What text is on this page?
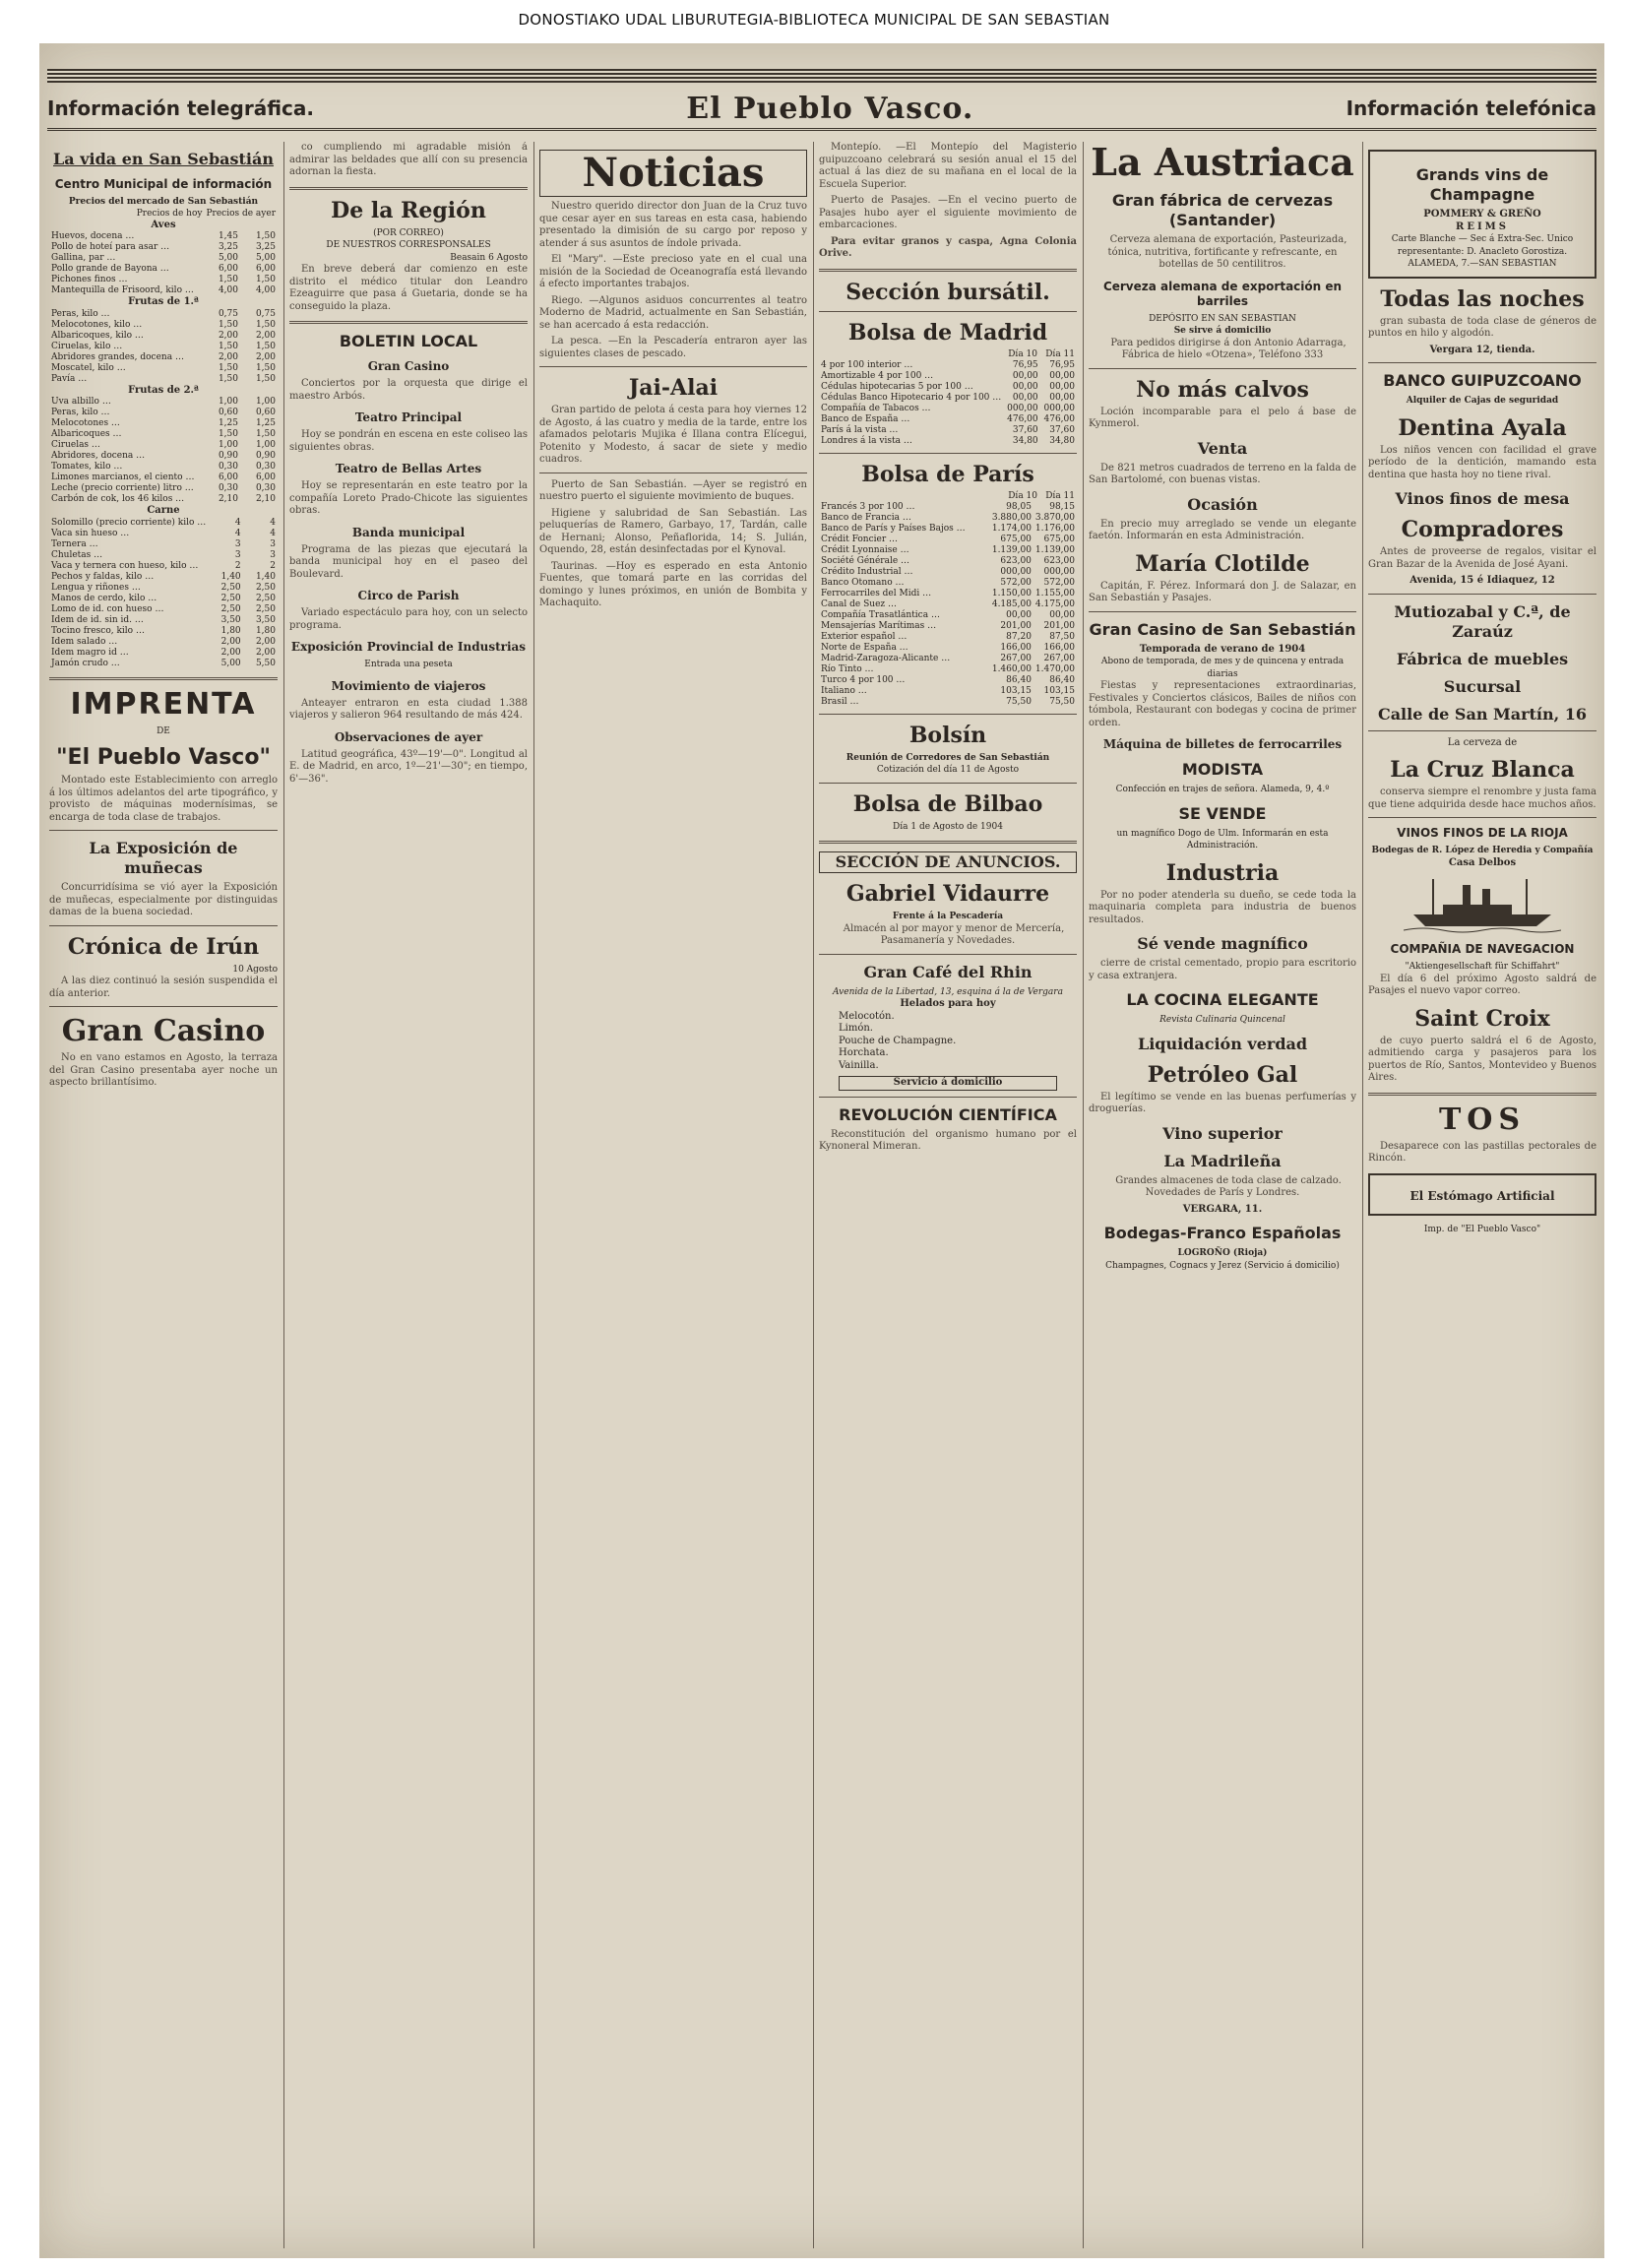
DONOSTIAKO UDAL LIBURUTEGIA-BIBLIOTECA MUNICIPAL DE SAN SEBASTIAN
Información telegráfica.	El Pueblo Vasco.	Información telefónica
La vida en San Sebastián
Centro Municipal de información
Precios del mercado de San Sebastián
	Precios de hoy	Precios de ayer
Aves
Huevos, docena …	1,45	1,50
Pollo de hoteí para asar …	3,25	3,25
Gallina, par …	5,00	5,00
Pollo grande de Bayona …	6,00	6,00
Pichones finos …	1,50	1,50
Mantequilla de Frisoord, kilo …	4,00	4,00
Frutas de 1.ª
Peras, kilo …	0,75	0,75
Melocotones, kilo …	1,50	1,50
Albaricoques, kilo …	2,00	2,00
Ciruelas, kilo …	1,50	1,50
Abridores grandes, docena …	2,00	2,00
Moscatel, kilo …	1,50	1,50
Pavía …	1,50	1,50
Frutas de 2.ª
Uva albillo …	1,00	1,00
Peras, kilo …	0,60	0,60
Melocotones …	1,25	1,25
Albaricoques …	1,50	1,50
Ciruelas …	1,00	1,00
Abridores, docena …	0,90	0,90
Tomates, kilo …	0,30	0,30
Limones marcianos, el ciento …	6,00	6,00
Leche (precio corriente) litro …	0,30	0,30
Carbón de cok, los 46 kilos …	2,10	2,10
Carne
Solomillo (precio corriente) kilo …	4	4
Vaca sin hueso …	4	4
Ternera …	3	3
Chuletas …	3	3
Vaca y ternera con hueso, kilo …	2	2
Pechos y faldas, kilo …	1,40	1,40
Lengua y riñones …	2,50	2,50
Manos de cerdo, kilo …	2,50	2,50
Lomo de id. con hueso …	2,50	2,50
Idem de id. sin id. …	3,50	3,50
Tocino fresco, kilo …	1,80	1,80
Idem salado …	2,00	2,00
Idem magro id …	2,00	2,00
Jamón crudo …	5,00	5,50
IMPRENTA
DE
"El Pueblo Vasco"

Montado este Establecimiento con arreglo á los últimos adelantos del arte tipográfico, y provisto de máquinas modernísimas, se encarga de toda clase de trabajos.

La Exposición de muñecas

Concurridísima se vió ayer la Exposición de muñecas, especialmente por distinguidas damas de la buena sociedad.

Crónica de Irún
10 Agosto

A las diez continuó la sesión suspendida el día anterior.

Gran Casino

No en vano estamos en Agosto, la terraza del Gran Casino presentaba ayer noche un aspecto brillantísimo.

co cumpliendo mi agradable misión á admirar las beldades que allí con su presencia adornan la fiesta.

De la Región
(POR CORREO)
DE NUESTROS CORRESPONSALES
Beasain 6 Agosto

En breve deberá dar comienzo en este distrito el médico titular don Leandro Ezeaguirre que pasa á Guetaria, donde se ha conseguido la plaza.

BOLETIN LOCAL
Gran Casino

Conciertos por la orquesta que dirige el maestro Arbós.

Teatro Principal

Hoy se pondrán en escena en este coliseo las siguientes obras.

Teatro de Bellas Artes

Hoy se representarán en este teatro por la compañía Loreto Prado-Chicote las siguientes obras.

Banda municipal

Programa de las piezas que ejecutará la banda municipal hoy en el paseo del Boulevard.

Circo de Parish

Variado espectáculo para hoy, con un selecto programa.

Exposición Provincial de Industrias
Entrada una peseta
Movimiento de viajeros

Anteayer entraron en esta ciudad 1.388 viajeros y salieron 964 resultando de más 424.

Observaciones de ayer

Latitud geográfica, 43º—19'—0". Longitud al E. de Madrid, en arco, 1º—21'—30"; en tiempo, 6'—36".

Noticias

Nuestro querido director don Juan de la Cruz tuvo que cesar ayer en sus tareas en esta casa, habiendo presentado la dimisión de su cargo por reposo y atender á sus asuntos de índole privada.

El "Mary". —Este precioso yate en el cual una misión de la Sociedad de Oceanografía está llevando á efecto importantes trabajos.

Riego. —Algunos asiduos concurrentes al teatro Moderno de Madrid, actualmente en San Sebastián, se han acercado á esta redacción.

La pesca. —En la Pescadería entraron ayer las siguientes clases de pescado.

Jai-Alai

Gran partido de pelota á cesta para hoy viernes 12 de Agosto, á las cuatro y media de la tarde, entre los afamados pelotaris Mujika é Illana contra Elícegui, Potenito y Modesto, á sacar de siete y medio cuadros.

Puerto de San Sebastián. —Ayer se registró en nuestro puerto el siguiente movimiento de buques.

Higiene y salubridad de San Sebastián. Las peluquerías de Ramero, Garbayo, 17, Tardán, calle de Hernani; Alonso, Peñaflorida, 14; S. Julián, Oquendo, 28, están desinfectadas por el Kynoval.

Taurinas. —Hoy es esperado en esta Antonio Fuentes, que tomará parte en las corridas del domingo y lunes próximos, en unión de Bombita y Machaquito.

Montepío. —El Montepío del Magisterio guipuzcoano celebrará su sesión anual el 15 del actual á las diez de su mañana en el local de la Escuela Superior.

Puerto de Pasajes. —En el vecino puerto de Pasajes hubo ayer el siguiente movimiento de embarcaciones.

Para evitar granos y caspa, Agna Colonia Orive.

Sección bursátil.
Bolsa de Madrid
	Día 10	Día 11
4 por 100 interior …	76,95	76,95
Amortizable 4 por 100 …	00,00	00,00
Cédulas hipotecarias 5 por 100 …	00,00	00,00
Cédulas Banco Hipotecario 4 por 100 …	00,00	00,00
Compañía de Tabacos …	000,00	000,00
Banco de España …	476,00	476,00
París á la vista …	37,60	37,60
Londres á la vista …	34,80	34,80
Bolsa de París
	Día 10	Día 11
Francés 3 por 100 …	98,05	98,15
Banco de Francia …	3.880,00	3.870,00
Banco de París y Países Bajos …	1.174,00	1.176,00
Crédit Foncier …	675,00	675,00
Crédit Lyonnaise …	1.139,00	1.139,00
Société Générale …	623,00	623,00
Crédito Industrial …	000,00	000,00
Banco Otomano …	572,00	572,00
Ferrocarriles del Midi …	1.150,00	1.155,00
Canal de Suez …	4.185,00	4.175,00
Compañía Trasatlántica …	00,00	00,00
Mensajerías Marítimas …	201,00	201,00
Exterior español …	87,20	87,50
Norte de España …	166,00	166,00
Madrid-Zaragoza-Alicante …	267,00	267,00
Río Tinto …	1.460,00	1.470,00
Turco 4 por 100 …	86,40	86,40
Italiano …	103,15	103,15
Brasil …	75,50	75,50
Bolsín
Reunión de Corredores de San Sebastián
Cotización del día 11 de Agosto
Bolsa de Bilbao
Día 1 de Agosto de 1904
SECCIÓN DE ANUNCIOS.
Gabriel Vidaurre
Frente á la Pescadería

Almacén al por mayor y menor de Mercería, Pasamanería y Novedades.

Gran Café del Rhin
Avenida de la Libertad, 13, esquina á la de Vergara
Helados para hoy
Melocotón.
Limón.
Pouche de Champagne.
Horchata.
Vainilla.
Servicio á domicilio
REVOLUCIÓN CIENTÍFICA

Reconstitución del organismo humano por el Kynoneral Mimeran.

La Austriaca
Gran fábrica de cervezas (Santander)

Cerveza alemana de exportación, Pasteurizada, tónica, nutritiva, fortificante y refrescante, en botellas de 50 centilitros.

Cerveza alemana de exportación en barriles
DEPÓSITO EN SAN SEBASTIAN
Se sirve á domicilio

Para pedidos dirigirse á don Antonio Adarraga, Fábrica de hielo «Otzena», Teléfono 333

No más calvos

Loción incomparable para el pelo á base de Kynmerol.

Venta

De 821 metros cuadrados de terreno en la falda de San Bartolomé, con buenas vistas.

Ocasión

En precio muy arreglado se vende un elegante faetón. Informarán en esta Administración.

María Clotilde

Capitán, F. Pérez. Informará don J. de Salazar, en San Sebastián y Pasajes.

Gran Casino de San Sebastián
Temporada de verano de 1904
Abono de temporada, de mes y de quincena y entrada diarias

Fiestas y representaciones extraordinarias, Festivales y Conciertos clásicos, Bailes de niños con tómbola, Restaurant con bodegas y cocina de primer orden.

Máquina de billetes de ferrocarriles
MODISTA
Confección en trajes de señora. Alameda, 9, 4.º
SE VENDE
un magnífico Dogo de Ulm. Informarán en esta Administración.
Industria

Por no poder atenderla su dueño, se cede toda la maquinaria completa para industria de buenos resultados.

Sé vende magnífico

cierre de cristal cementado, propio para escritorio y casa extranjera.

LA COCINA ELEGANTE
Revista Culinaria Quincenal
Liquidación verdad
Petróleo Gal

El legítimo se vende en las buenas perfumerías y droguerías.

Vino superior
La Madrileña

Grandes almacenes de toda clase de calzado. Novedades de París y Londres.

VERGARA, 11.
Bodegas-Franco Españolas
LOGROÑO (Rioja)
Champagnes, Cognacs y Jerez (Servicio á domicilio)
Grands vins de Champagne
POMMERY & GREÑO
REIMS
Carte Blanche — Sec á Extra-Sec. Unico representante: D. Anacleto Gorostiza. ALAMEDA, 7.—SAN SEBASTIAN
Todas las noches

gran subasta de toda clase de géneros de puntos en hilo y algodón.

Vergara 12, tienda.
BANCO GUIPUZCOANO
Alquiler de Cajas de seguridad
Dentina Ayala

Los niños vencen con facilidad el grave período de la dentición, mamando esta dentina que hasta hoy no tiene rival.

Vinos finos de mesa
Compradores

Antes de proveerse de regalos, visitar el Gran Bazar de la Avenida de José Ayani.

Avenida, 15 é Idiaquez, 12
Mutiozabal y C.ª, de Zaraúz
Fábrica de muebles
Sucursal
Calle de San Martín, 16
La cerveza de
La Cruz Blanca

conserva siempre el renombre y justa fama que tiene adquirida desde hace muchos años.

VINOS FINOS DE LA RIOJA
Bodegas de R. López de Heredia y Compañía
Casa Delbos
COMPAÑIA DE NAVEGACION
"Aktiengesellschaft für Schiffahrt"

El día 6 del próximo Agosto saldrá de Pasajes el nuevo vapor correo.

Saint Croix

de cuyo puerto saldrá el 6 de Agosto, admitiendo carga y pasajeros para los puertos de Río, Santos, Montevideo y Buenos Aires.

TOS

Desaparece con las pastillas pectorales de Rincón.

El Estómago Artificial
Imp. de "El Pueblo Vasco"
